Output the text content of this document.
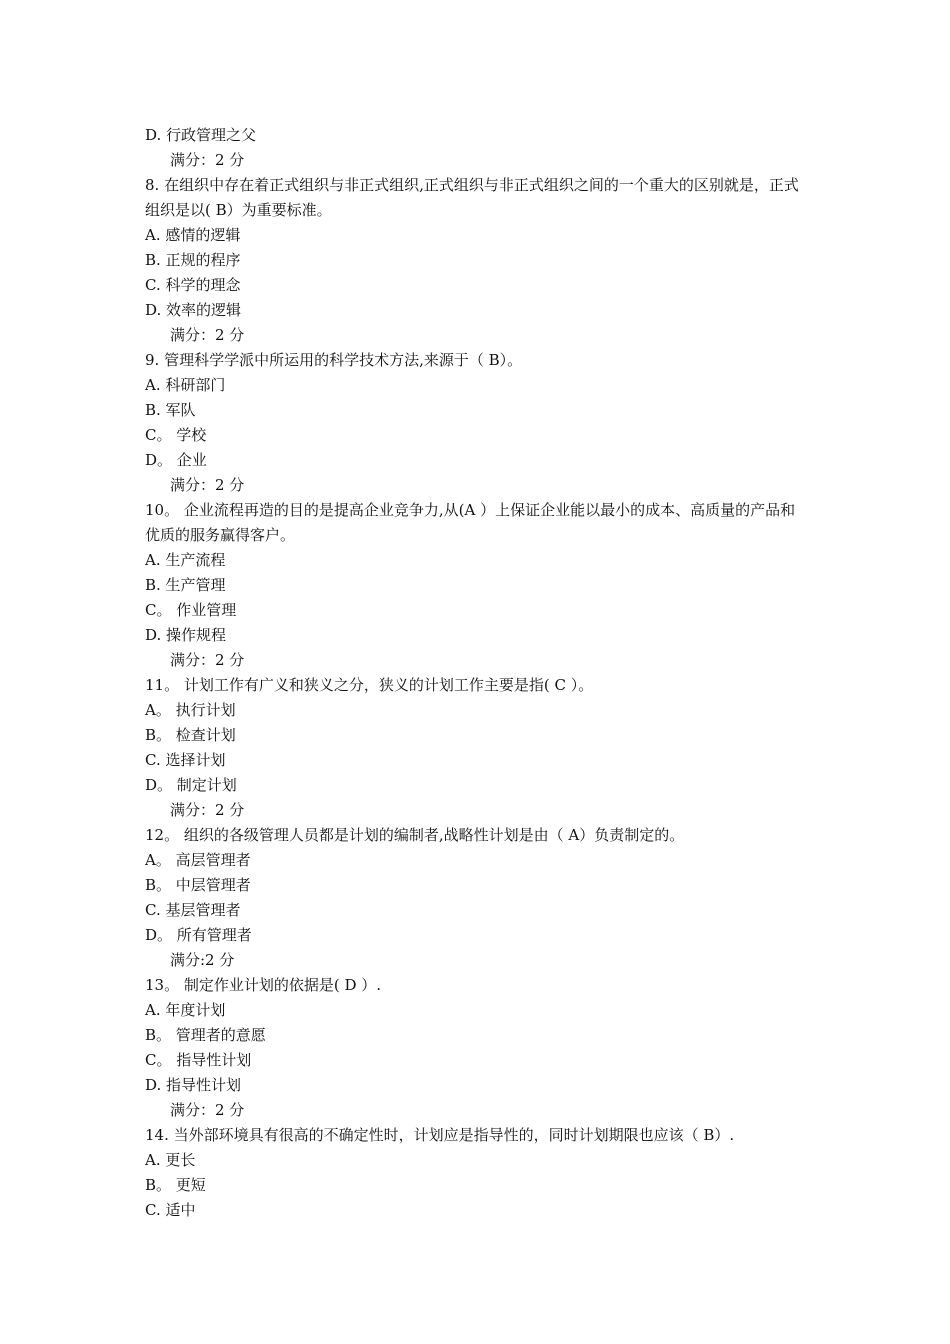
D. 行政管理之父
满分：2 分
8. 在组织中存在着正式组织与非正式组织,正式组织与非正式组织之间的一个重大的区别就是，正式组织是以( B）为重要标准。
A. 感情的逻辑
B. 正规的程序
C. 科学的理念
D. 效率的逻辑
满分：2 分
9. 管理科学学派中所运用的科学技术方法,来源于（ B）。
A. 科研部门
B. 军队
C。 学校
D。 企业
满分：2 分
10。 企业流程再造的目的是提高企业竞争力,从(A ）上保证企业能以最小的成本、高质量的产品和优质的服务赢得客户。
A. 生产流程
B. 生产管理
C。 作业管理
D. 操作规程
满分：2 分
11。 计划工作有广义和狭义之分，狭义的计划工作主要是指( C ）。
A。 执行计划
B。 检查计划
C. 选择计划
D。 制定计划
满分：2 分
12。 组织的各级管理人员都是计划的编制者,战略性计划是由（ A）负责制定的。
A。 高层管理者
B。 中层管理者
C. 基层管理者
D。 所有管理者
满分:2 分
13。 制定作业计划的依据是( D ）.
A. 年度计划
B。 管理者的意愿
C。 指导性计划
D. 指导性计划
满分：2 分
14. 当外部环境具有很高的不确定性时，计划应是指导性的，同时计划期限也应该（ B）.
A. 更长
B。 更短
C. 适中
